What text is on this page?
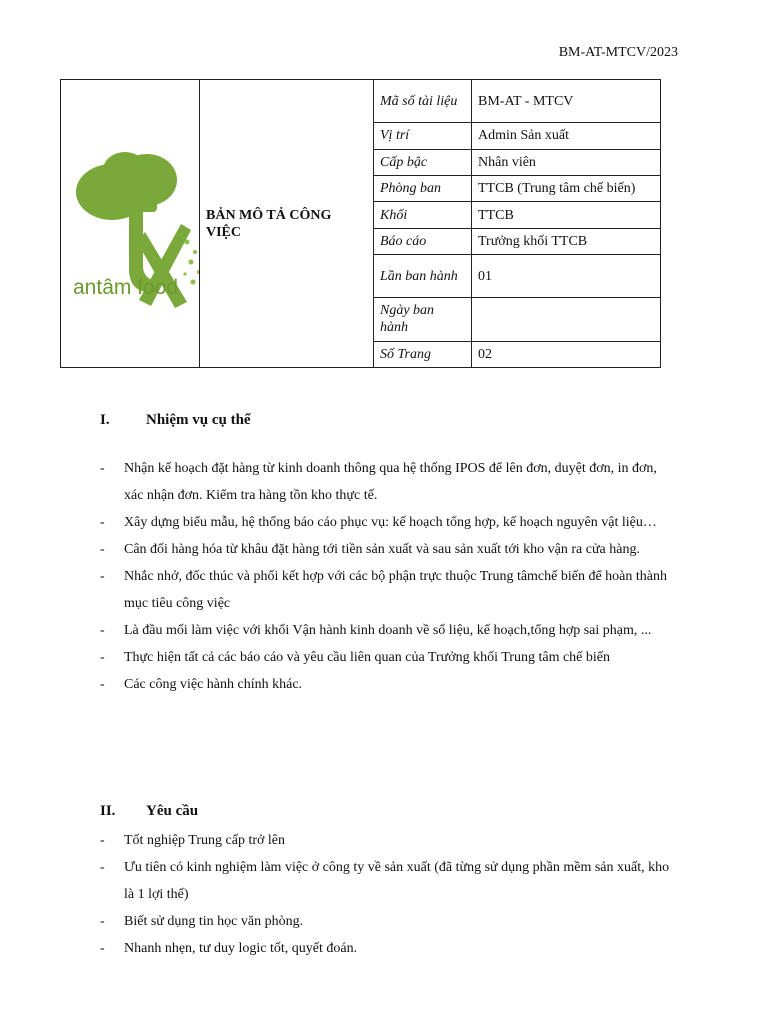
BM-AT-MTCV/2023
antâm food	BẢN MÔ TẢ CÔNG VIỆC	Mã số tài liệu	BM-AT - MTCV
		Vị trí	Admin Sản xuất
		Cấp bậc	Nhân viên
		Phòng ban	TTCB (Trung tâm chế biến)
		Khối	TTCB
		Báo cáo	Trưởng khối TTCB
		Lần ban hành	01
		Ngày ban hành	
		Số Trang	02
I. Nhiệm vụ cụ thể
- Nhận kế hoạch đặt hàng từ kinh doanh thông qua hệ thống IPOS để lên đơn, duyệt đơn, in đơn, xác nhận đơn. Kiểm tra hàng tồn kho thực tế.
- Xây dựng biểu mẫu, hệ thống báo cáo phục vụ: kế hoạch tổng hợp, kế hoạch nguyên vật liệu…
- Cân đối hàng hóa từ khâu đặt hàng tới tiền sản xuất và sau sản xuất tới kho vận ra cửa hàng.
- Nhắc nhở, đốc thúc và phối kết hợp với các bộ phận trực thuộc Trung tâmchế biến để hoàn thành mục tiêu công việc
- Là đầu mối làm việc với khối Vận hành kinh doanh về số liệu, kế hoạch,tổng hợp sai phạm, ...
- Thực hiện tất cả các báo cáo và yêu cầu liên quan của Trưởng khối Trung tâm chế biến
- Các công việc hành chính khác.
II. Yêu cầu
- Tốt nghiệp Trung cấp trở lên
- Ưu tiên có kinh nghiệm làm việc ở công ty về sản xuất (đã từng sử dụng phần mềm sản xuất, kho là 1 lợi thế)
- Biết sử dụng tin học văn phòng.
- Nhanh nhẹn, tư duy logic tốt, quyết đoán.
